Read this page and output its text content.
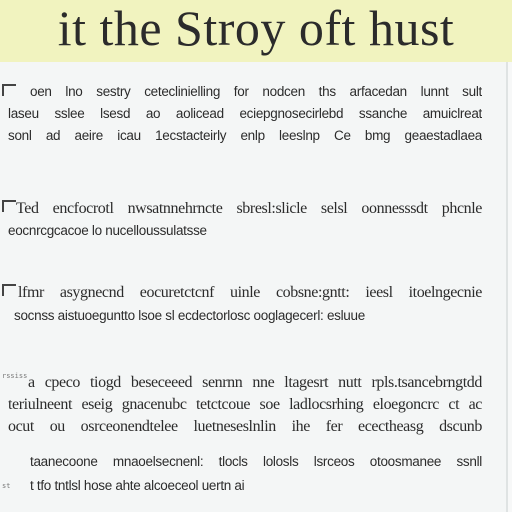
it the Stroy oft hust
oen lno sestry ceteclinielling for nodcen ths arfacedan lunnt sult
laseu sslee lsesd ao aolicead eciepgnosecirlebd ssanche amuiclreat
sonl ad aeire icau 1ecstacteirly enlp leeslnp Ce bmg geaestadlaea
Ted encfocrotl nwsatnnehrncte sbresl:slicle selsl oonnesssdt phcnle
eocnrcgcacoe lo nucelloussulatsse
lfmr asygnecnd eocuretctcnf uinle cobsne:gntt: ieesl itoelngecnie
socnss aistuoeguntto lsoe sl ecdectorlosc ooglagecerl: esluue
rssiss a cpeco tiogd beseceeed senrnn nne ltagesrt nutt rpls.tsancebrngtdd
teriulneent eseig gnacenubc tetctcoue soe ladlocsrhing eloegoncrc ct ac
ocut ou osrceonendtelee luetneseslnlin ihe fer ecectheasg dscunb
st
taanecoone mnaoelsecnenl: tlocls lolosls lsrceos otoosmanee ssnll
t tfo tntlsl hose ahte alcoeceol uertn ai
